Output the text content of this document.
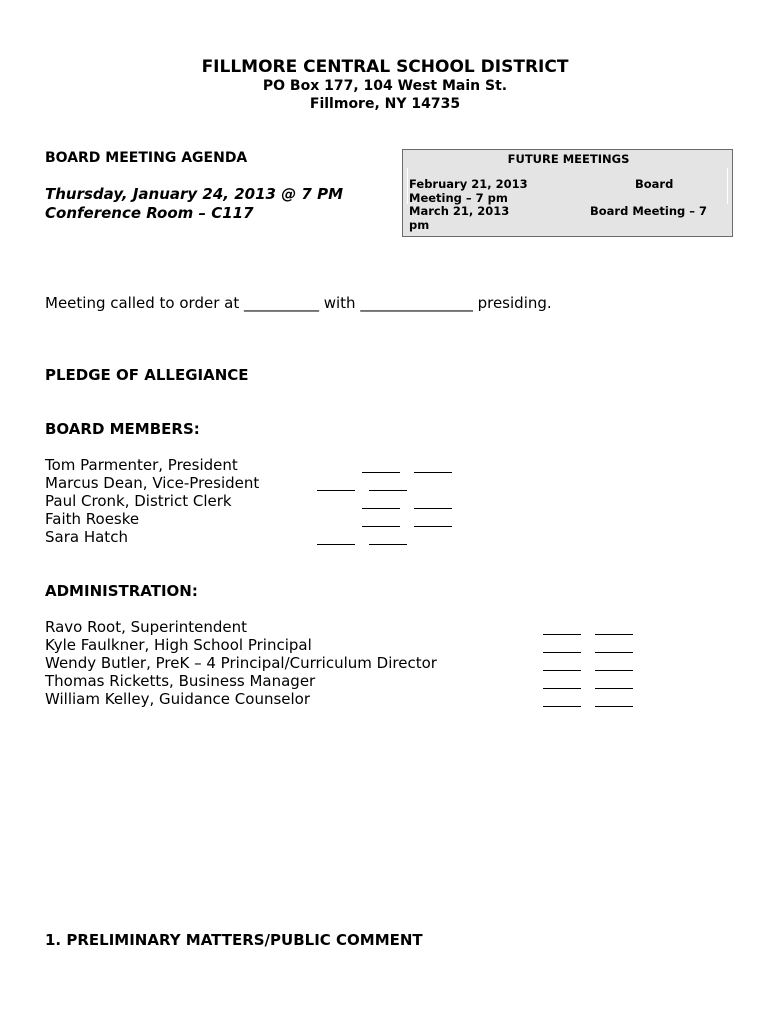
FILLMORE CENTRAL SCHOOL DISTRICT
PO Box 177, 104 West Main St.
Fillmore, NY 14735
BOARD MEETING AGENDA
Thursday, January 24, 2013 @ 7 PM
Conference Room – C117
FUTURE MEETINGS
February 21, 2013	Board
Meeting – 7 pm
March 21, 2013	Board Meeting – 7
pm
Meeting called to order at __________ with _______________ presiding.
PLEDGE OF ALLEGIANCE
BOARD MEMBERS:
Tom Parmenter, President
Marcus Dean, Vice-President
Paul Cronk, District Clerk
Faith Roeske
Sara Hatch
ADMINISTRATION:
Ravo Root, Superintendent
Kyle Faulkner, High School Principal
Wendy Butler, PreK – 4 Principal/Curriculum Director
Thomas Ricketts, Business Manager
William Kelley, Guidance Counselor
1. PRELIMINARY MATTERS/PUBLIC COMMENT
